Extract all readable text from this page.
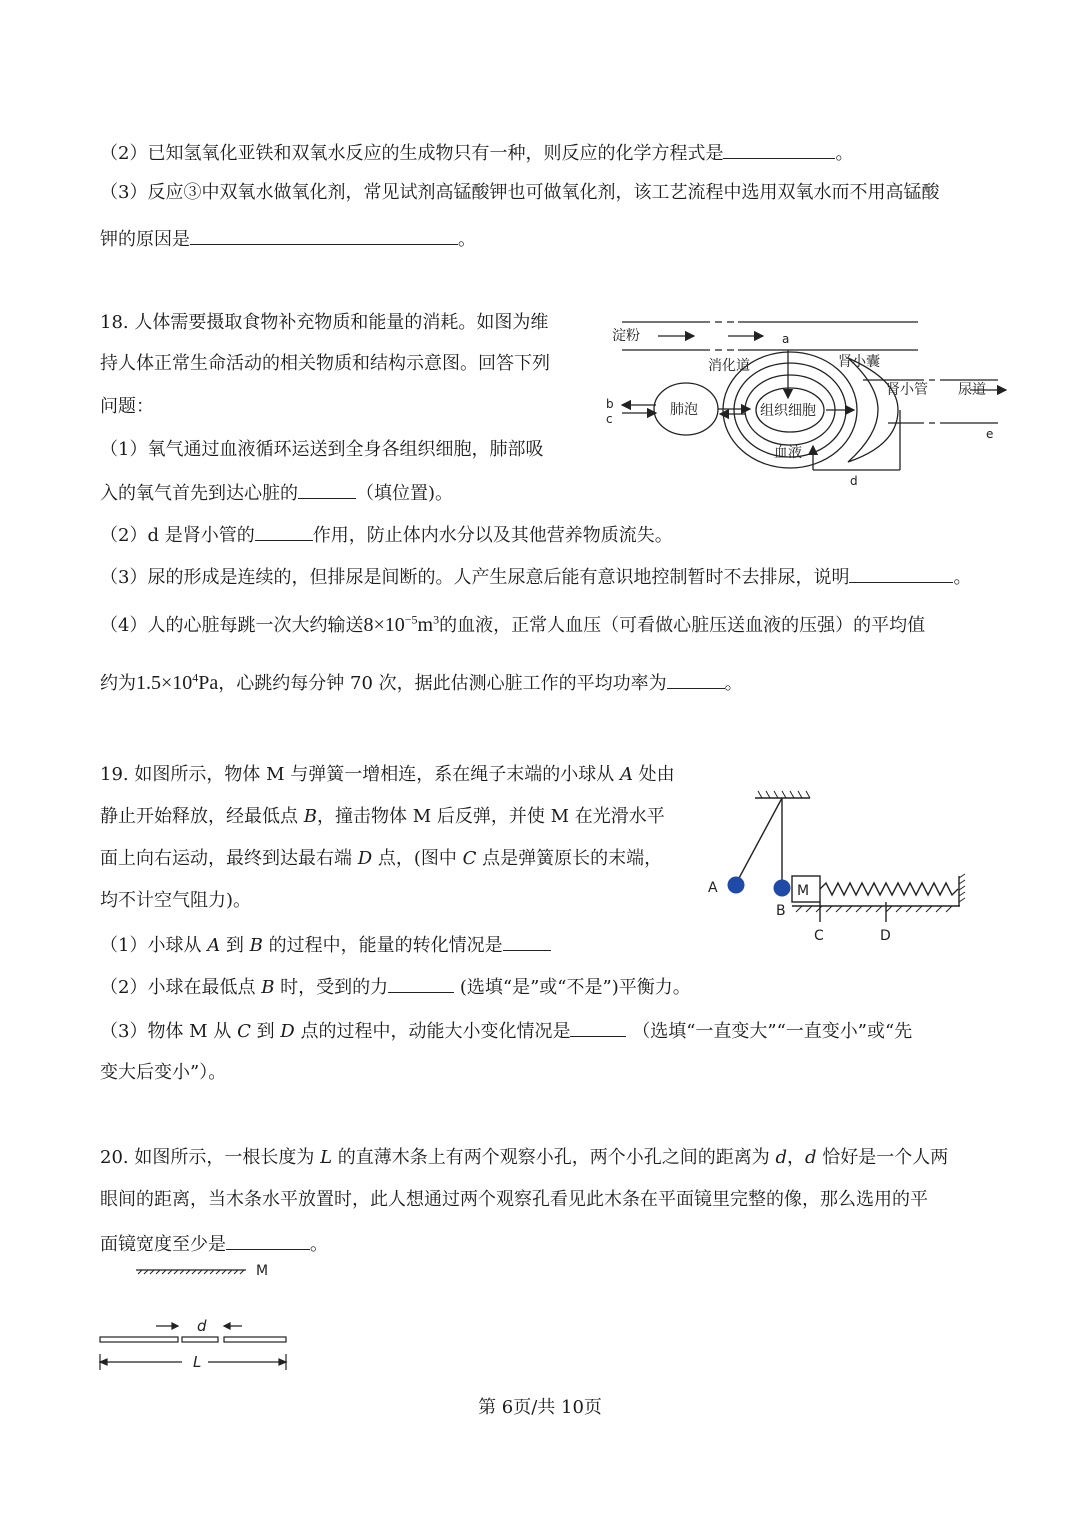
（2）已知氢氧化亚铁和双氧水反应的生成物只有一种，则反应的化学方程式是	。
（3）反应③中双氧水做氧化剂，常见试剂高锰酸钾也可做氧化剂，该工艺流程中选用双氧水而不用高锰酸
钾的原因是	。
18. 人体需要摄取食物补充物质和能量的消耗。如图为维
持人体正常生命活动的相关物质和结构示意图。回答下列
问题：
（1）氧气通过血液循环运送到全身各组织细胞，肺部吸
入的氧气首先到达心脏的	（填位置)。
（2）d 是肾小管的	作用，防止体内水分以及其他营养物质流失。
（3）尿的形成是连续的，但排尿是间断的。人产生尿意后能有意识地控制暂时不去排尿，说明	。
（4）人的心脏每跳一次大约输送$8\times 10^{-5}m^3$的血液，正常人血压（可看做心脏压送血液的压强）的平均值
约为$1.5\times 10^4Pa$，心跳约每分钟 70 次，据此估测心脏工作的平均功率为	。
淀粉	a
消化道	肾小囊
肾小管 尿道
b
c
肺泡	组织细胞
血液
d
e
19. 如图所示，物体 M 与弹簧一增相连，系在绳子末端的小球从 A 处由
静止开始释放，经最低点 B，撞击物体 M 后反弹，并使 M 在光滑水平
面上向右运动，最终到达最右端 D 点，(图中 C 点是弹簧原长的末端，
均不计空气阻力)。
（1）小球从 A 到 B 的过程中，能量的转化情况是
（2）小球在最低点 B 时，受到的力	(选填“是”或“不是”)平衡力。
（3）物体 M 从 C 到 D 点的过程中，动能大小变化情况是	（选填“一直变大”“一直变小”或“先
变大后变小”）。
A
B
M
C	D
20. 如图所示，一根长度为 L 的直薄木条上有两个观察小孔，两个小孔之间的距离为 d，d 恰好是一个人两
眼间的距离，当木条水平放置时，此人想通过两个观察孔看见此木条在平面镜里完整的像，那么选用的平
面镜宽度至少是	。
M
d
L
第 6页/共 10页
